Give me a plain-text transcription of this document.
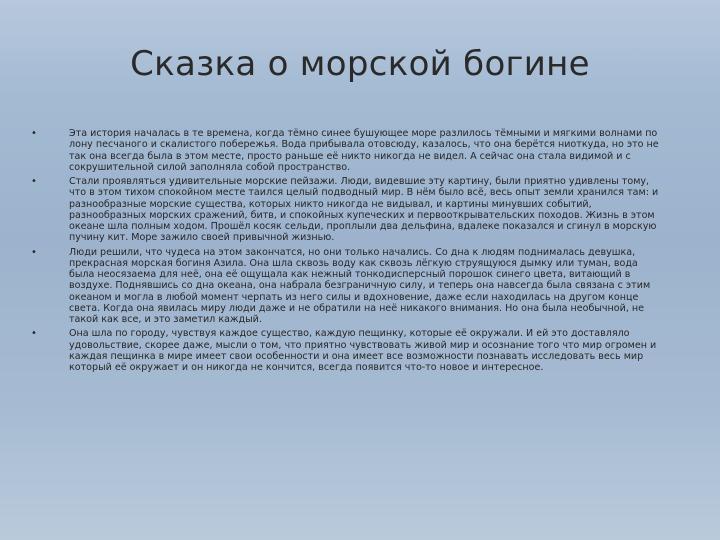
Сказка о морской богине
•	Эта история началась в те времена, когда тёмно синее бушующее море разлилось тёмными и мягкими волнами по лону песчаного и скалистого побережья. Вода прибывала отовсюду, казалось, что она берётся ниоткуда, но это не так она всегда была в этом месте, просто раньше её никто никогда не видел. А сейчас она стала видимой и с сокрушительной силой заполняла собой пространство.

•	Стали проявляться удивительные морские пейзажи. Люди, видевшие эту картину, были приятно удивлены тому, что в этом тихом спокойном месте таился целый подводный мир. В нём было всё, весь опыт земли хранился там: и разнообразные морские существа, которых никто никогда не видывал, и картины минувших событий, разнообразных морских сражений, битв, и спокойных купеческих и первооткрывательских походов. Жизнь в этом океане шла полным ходом. Прошёл косяк сельди, проплыли два дельфина, вдалеке показался и сгинул в морскую пучину кит. Море зажило своей привычной жизнью.

•	Люди решили, что чудеса на этом закончатся, но они только начались. Со дна к людям поднималась девушка, прекрасная морская богиня Азила. Она шла сквозь воду как сквозь лёгкую струящуюся дымку или туман, вода была неосязаема для неё, она её ощущала как нежный тонкодисперсный порошок синего цвета, витающий в воздухе. Поднявшись со дна океана, она набрала безграничную силу, и теперь она навсегда была связана с этим океаном и могла в любой момент черпать из него силы и вдохновение, даже если находилась на другом конце света. Когда она явилась миру люди даже и не обратили на неё никакого внимания. Но она была необычной, не такой как все, и это заметил каждый.

•	Она шла по городу, чувствуя каждое существо, каждую пещинку, которые её окружали. И ей это доставляло удовольствие, скорее даже, мысли о том, что приятно чувствовать живой мир и осознание того что мир огромен и каждая пещинка в мире имеет свои особенности и она имеет все возможности познавать исследовать весь мир который её окружает и он никогда не кончится, всегда появится что-то новое и интересное.
